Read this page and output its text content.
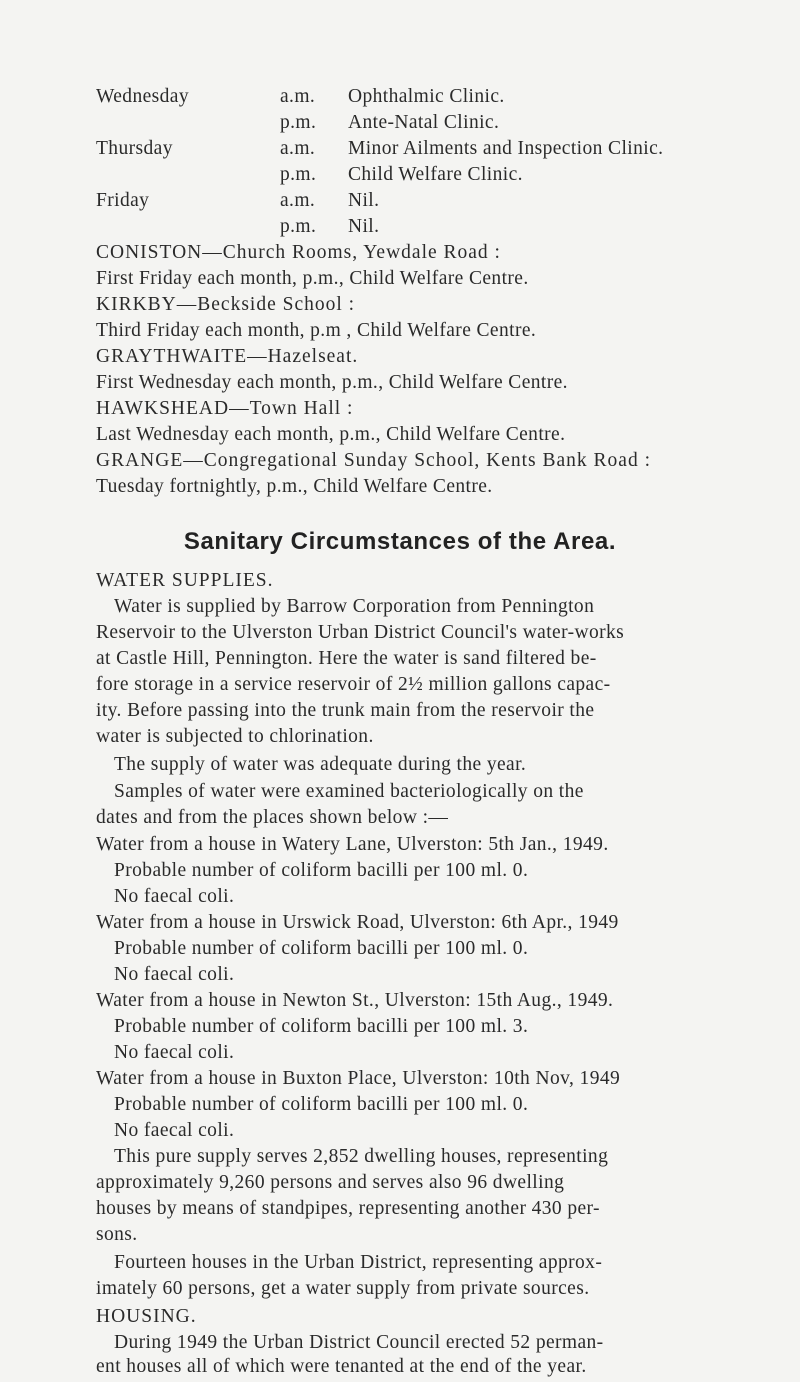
Wednesday	a.m. Ophthalmic Clinic.
p.m. Ante-Natal Clinic.
Thursday	a.m. Minor Ailments and Inspection Clinic.
p.m. Child Welfare Clinic.
Friday	a.m. Nil.
p.m. Nil.
CONISTON—Church Rooms, Yewdale Road :
First Friday each month, p.m., Child Welfare Centre.
KIRKBY—Beckside School :
Third Friday each month, p.m , Child Welfare Centre.
GRAYTHWAITE—Hazelseat.
First Wednesday each month, p.m., Child Welfare Centre.
HAWKSHEAD—Town Hall :
Last Wednesday each month, p.m., Child Welfare Centre.
GRANGE—Congregational Sunday School, Kents Bank Road :
Tuesday fortnightly, p.m., Child Welfare Centre.
Sanitary Circumstances of the Area.
WATER SUPPLIES.
Water is supplied by Barrow Corporation from Pennington
Reservoir to the Ulverston Urban District Council's water-works
at Castle Hill, Pennington. Here the water is sand filtered be-
fore storage in a service reservoir of 2½ million gallons capac-
ity. Before passing into the trunk main from the reservoir the
water is subjected to chlorination.
The supply of water was adequate during the year.
Samples of water were examined bacteriologically on the
dates and from the places shown below :—
Water from a house in Watery Lane, Ulverston: 5th Jan., 1949.
Probable number of coliform bacilli per 100 ml. 0.
No faecal coli.
Water from a house in Urswick Road, Ulverston: 6th Apr., 1949
Probable number of coliform bacilli per 100 ml. 0.
No faecal coli.
Water from a house in Newton St., Ulverston: 15th Aug., 1949.
Probable number of coliform bacilli per 100 ml. 3.
No faecal coli.
Water from a house in Buxton Place, Ulverston: 10th Nov, 1949
Probable number of coliform bacilli per 100 ml. 0.
No faecal coli.
This pure supply serves 2,852 dwelling houses, representing
approximately 9,260 persons and serves also 96 dwelling
houses by means of standpipes, representing another 430 per-
sons.
Fourteen houses in the Urban District, representing approx-
imately 60 persons, get a water supply from private sources.
HOUSING.
During 1949 the Urban District Council erected 52 perman-
ent houses all of which were tenanted at the end of the year.
